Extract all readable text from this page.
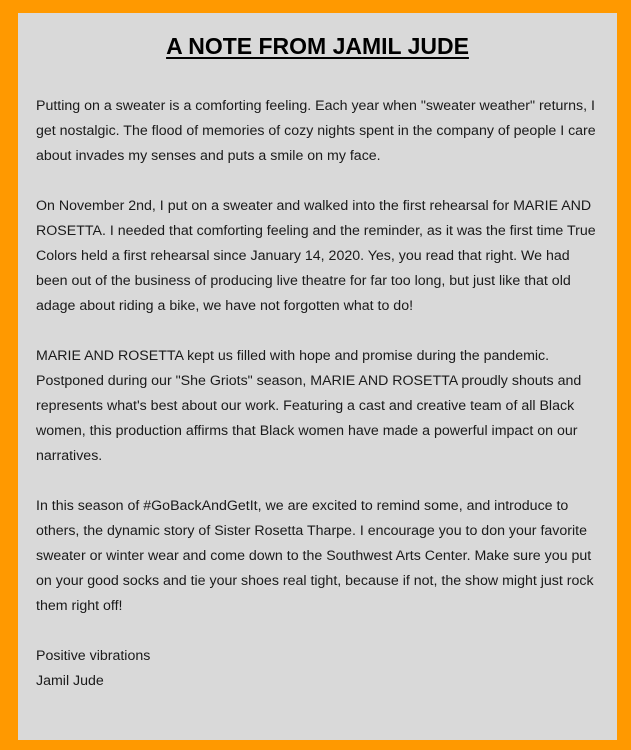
A NOTE FROM JAMIL JUDE

Putting on a sweater is a comforting feeling. Each year when "sweater weather" returns, I get nostalgic. The flood of memories of cozy nights spent in the company of people I care about invades my senses and puts a smile on my face.

On November 2nd, I put on a sweater and walked into the first rehearsal for MARIE AND ROSETTA. I needed that comforting feeling and the reminder, as it was the first time True Colors held a first rehearsal since January 14, 2020. Yes, you read that right. We had been out of the business of producing live theatre for far too long, but just like that old adage about riding a bike, we have not forgotten what to do!

MARIE AND ROSETTA kept us filled with hope and promise during the pandemic. Postponed during our "She Griots" season, MARIE AND ROSETTA proudly shouts and represents what's best about our work. Featuring a cast and creative team of all Black women, this production affirms that Black women have made a powerful impact on our narratives.

In this season of #GoBackAndGetIt, we are excited to remind some, and introduce to others, the dynamic story of Sister Rosetta Tharpe. I encourage you to don your favorite sweater or winter wear and come down to the Southwest Arts Center. Make sure you put on your good socks and tie your shoes real tight, because if not, the show might just rock them right off!

Positive vibrations

Jamil Jude
